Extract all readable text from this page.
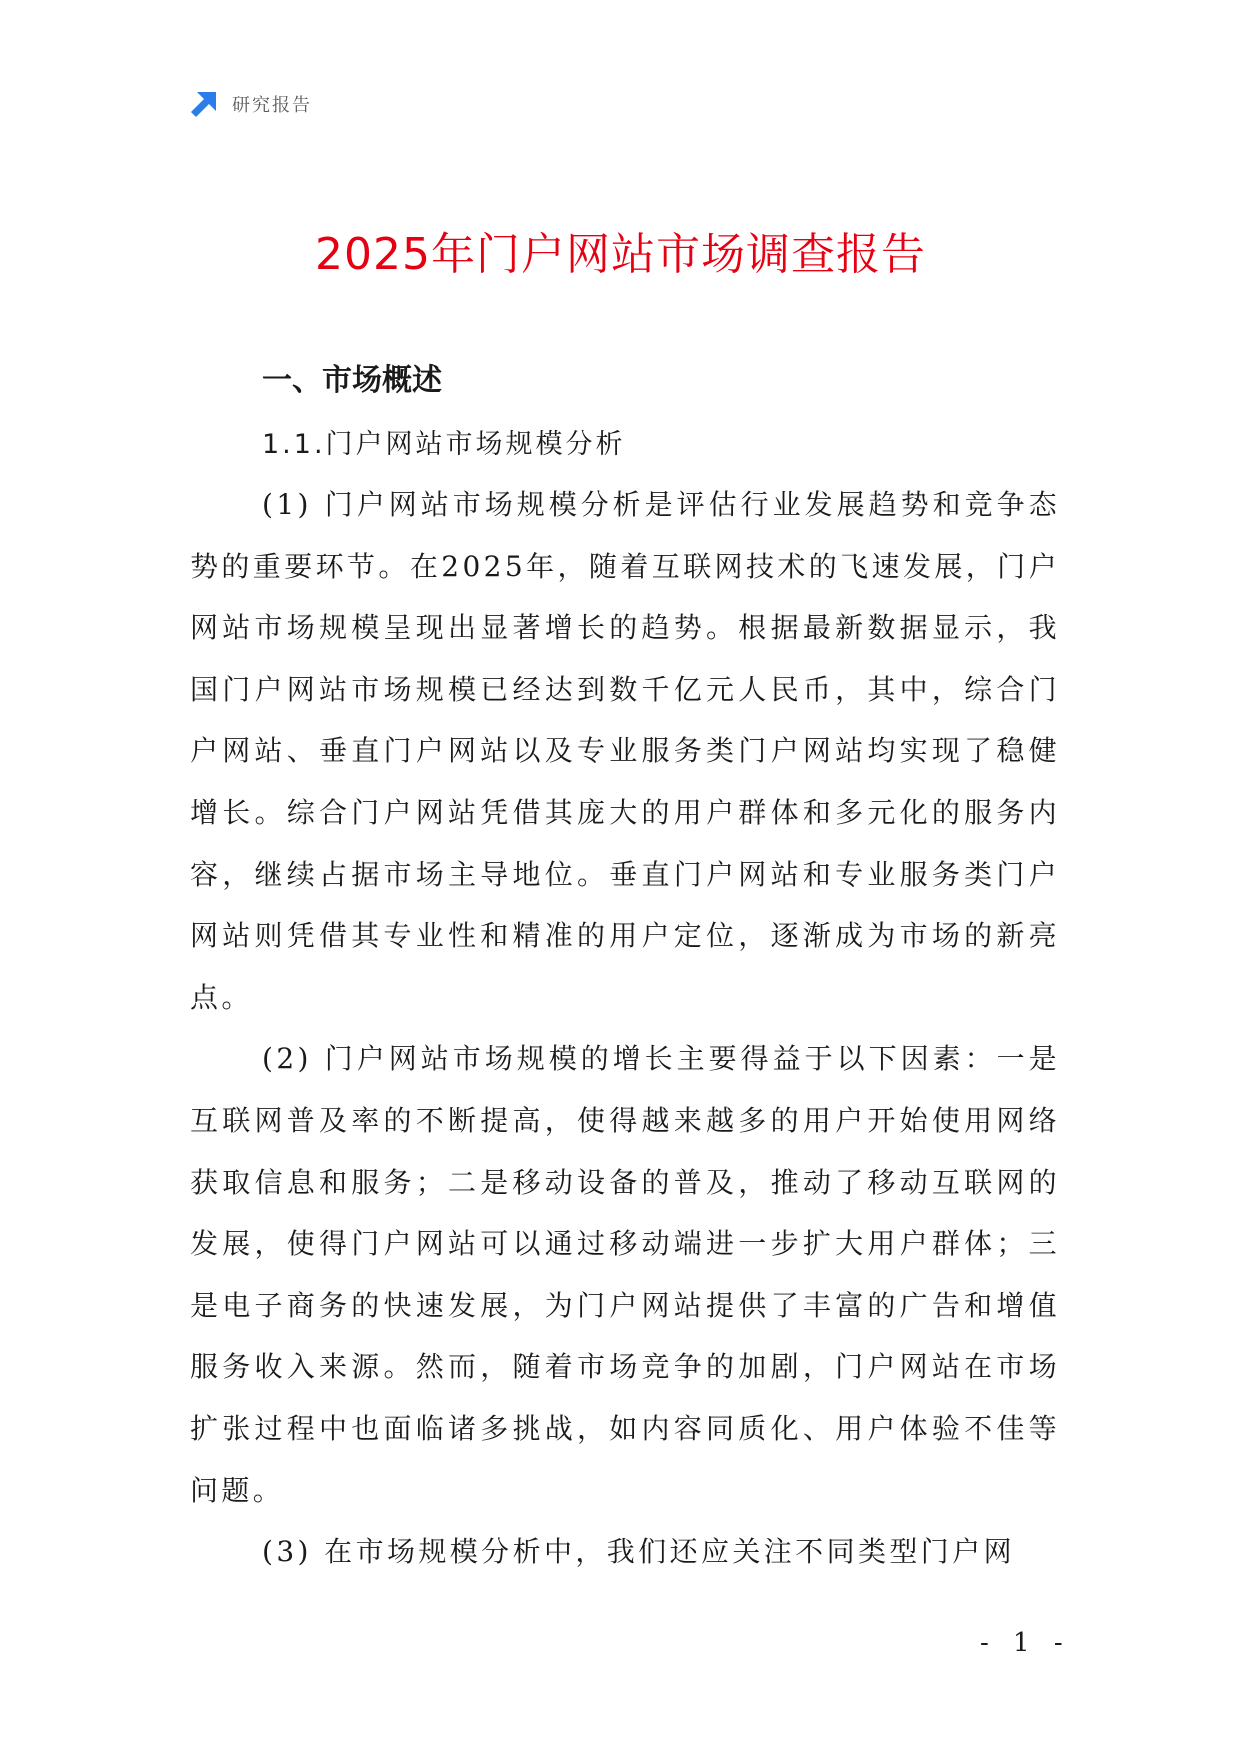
研究报告
2025年门户网站市场调查报告
一、市场概述
1.1.门户网站市场规模分析

(1) 门户网站市场规模分析是评估行业发展趋势和竞争态势的重要环节。在2025年，随着互联网技术的飞速发展，门户网站市场规模呈现出显著增长的趋势。根据最新数据显示，我国门户网站市场规模已经达到数千亿元人民币，其中，综合门户网站、垂直门户网站以及专业服务类门户网站均实现了稳健增长。综合门户网站凭借其庞大的用户群体和多元化的服务内容，继续占据市场主导地位。垂直门户网站和专业服务类门户网站则凭借其专业性和精准的用户定位，逐渐成为市场的新亮点。

(2) 门户网站市场规模的增长主要得益于以下因素：一是互联网普及率的不断提高，使得越来越多的用户开始使用网络获取信息和服务；二是移动设备的普及，推动了移动互联网的发展，使得门户网站可以通过移动端进一步扩大用户群体；三是电子商务的快速发展，为门户网站提供了丰富的广告和增值服务收入来源。然而，随着市场竞争的加剧，门户网站在市场扩张过程中也面临诸多挑战，如内容同质化、用户体验不佳等问题。

(3) 在市场规模分析中，我们还应关注不同类型门户网

- 1 -
